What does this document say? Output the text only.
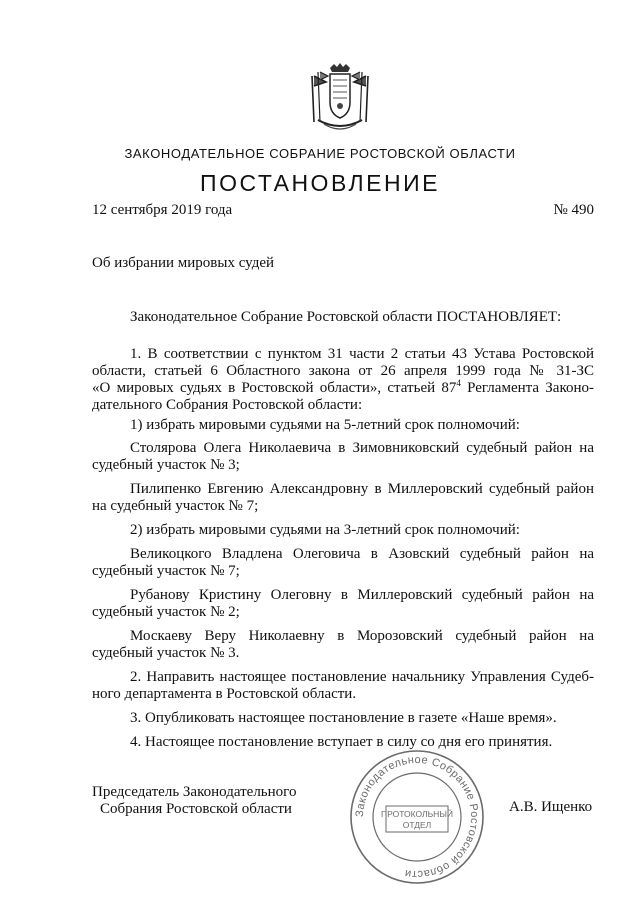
ЗАКОНОДАТЕЛЬНОЕ СОБРАНИЕ РОСТОВСКОЙ ОБЛАСТИ
ПОСТАНОВЛЕНИЕ
12 сентября 2019 года	№ 490
Об избрании мировых судей
Законодательное Собрание Ростовской области ПОСТАНОВЛЯЕТ:
1. В соответствии с пунктом 31 части 2 статьи 43 Устава Ростовской
области, статьей 6 Областного закона от 26 апреля 1999 года № 31-ЗС
«О мировых судьях в Ростовской области», статьей $87^4$ Регламента Законо-
дательного Собрания Ростовской области:
1) избрать мировыми судьями на 5-летний срок полномочий:
Столярова Олега Николаевича в Зимовниковский судебный район на
судебный участок № 3;
Пилипенко Евгению Александровну в Миллеровский судебный район
на судебный участок № 7;
2) избрать мировыми судьями на 3-летний срок полномочий:
Великоцкого Владлена Олеговича в Азовский судебный район на
судебный участок № 7;
Рубанову Кристину Олеговну в Миллеровский судебный район на
судебный участок № 2;
Москаеву Веру Николаевну в Морозовский судебный район на
судебный участок № 3.
2. Направить настоящее постановление начальнику Управления Судеб-
ного департамента в Ростовской области.
3. Опубликовать настоящее постановление в газете «Наше время».
4. Настоящее постановление вступает в силу со дня его принятия.
Законодательное Собрание Ростовской области
ПРОТОКОЛЬНЫЙ
ОТДЕЛ
Председатель Законодательного
Собрания Ростовской области	А.В. Ищенко
